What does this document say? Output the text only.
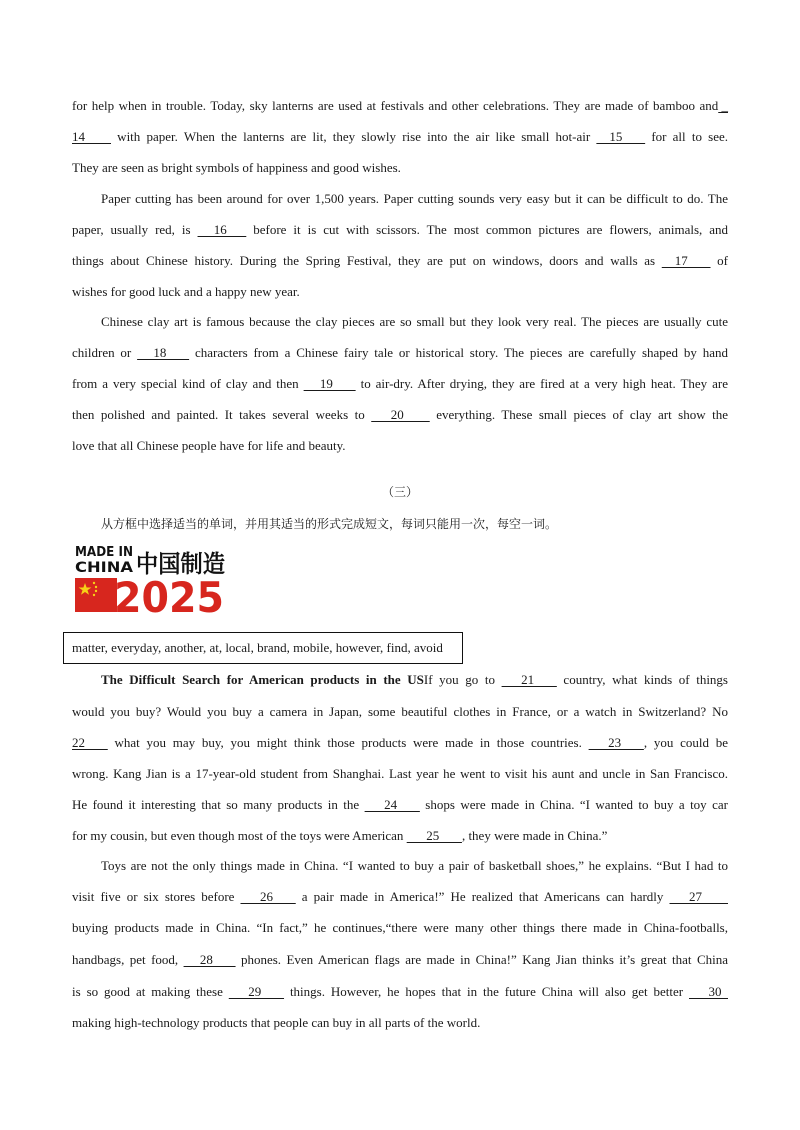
for help when in trouble. Today, sky lanterns are used at festivals and other celebrations. They are made of bamboo and _
14         with paper. When the lanterns are lit, they slowly rise into the air like small hot-air     15        for all to see.
They are seen as bright symbols of happiness and good wishes.
Paper cutting has been around for over 1,500 years. Paper cutting sounds very easy but it can be difficult to do. The
paper, usually red, is      16       before it is cut with scissors. The most common pictures are flowers, animals, and
things about Chinese history. During the Spring Festival, they are put on windows, doors and walls as     17        of
wishes for good luck and a happy new year.
Chinese clay art is famous because the clay pieces are so small but they look very real. The pieces are usually cute
children or      18        characters from a Chinese fairy tale or historical story. The pieces are carefully shaped by hand
from a very special kind of clay and then      19        to air-dry. After drying, they are fired at a very high heat. They are
then polished and painted. It takes several weeks to       20         everything. These small pieces of clay art show the
love that all Chinese people have for life and beauty.
（三）
从方框中选择适当的单词，并用其适当的形式完成短文，每词只能用一次，每空一词。
MADE IN
CHINA 中国制造
2025
matter, everyday, another, at, local, brand, mobile, however, find, avoid
The Difficult Search for American products in the USIf you go to       21        country, what kinds of things
would you buy? Would you buy a camera in Japan, some beautiful clothes in France, or a watch in Switzerland? No
22        what you may buy, you might think those products were made in those countries.       23       , you could be
wrong. Kang Jian is a 17-year-old student from Shanghai. Last year he went to visit his aunt and uncle in San Francisco.
He found it interesting that so many products in the       24        shops were made in China. “I wanted to buy a toy car
for my cousin, but even though most of the toys were American       25       , they were made in China.”
Toys are not the only things made in China. “I wanted to buy a pair of basketball shoes,” he explains. “But I had to
visit five or six stores before       26        a pair made in America!” He realized that Americans can hardly       27
buying products made in China. “In fact,” he continues,“there were many other things there made in China-footballs,
handbags, pet food,      28        phones. Even American flags are made in China!” Kang Jian thinks it’s great that China
is so good at making these       29        things. However, he hopes that in the future China will also get better       30
making high-technology products that people can buy in all parts of the world.
